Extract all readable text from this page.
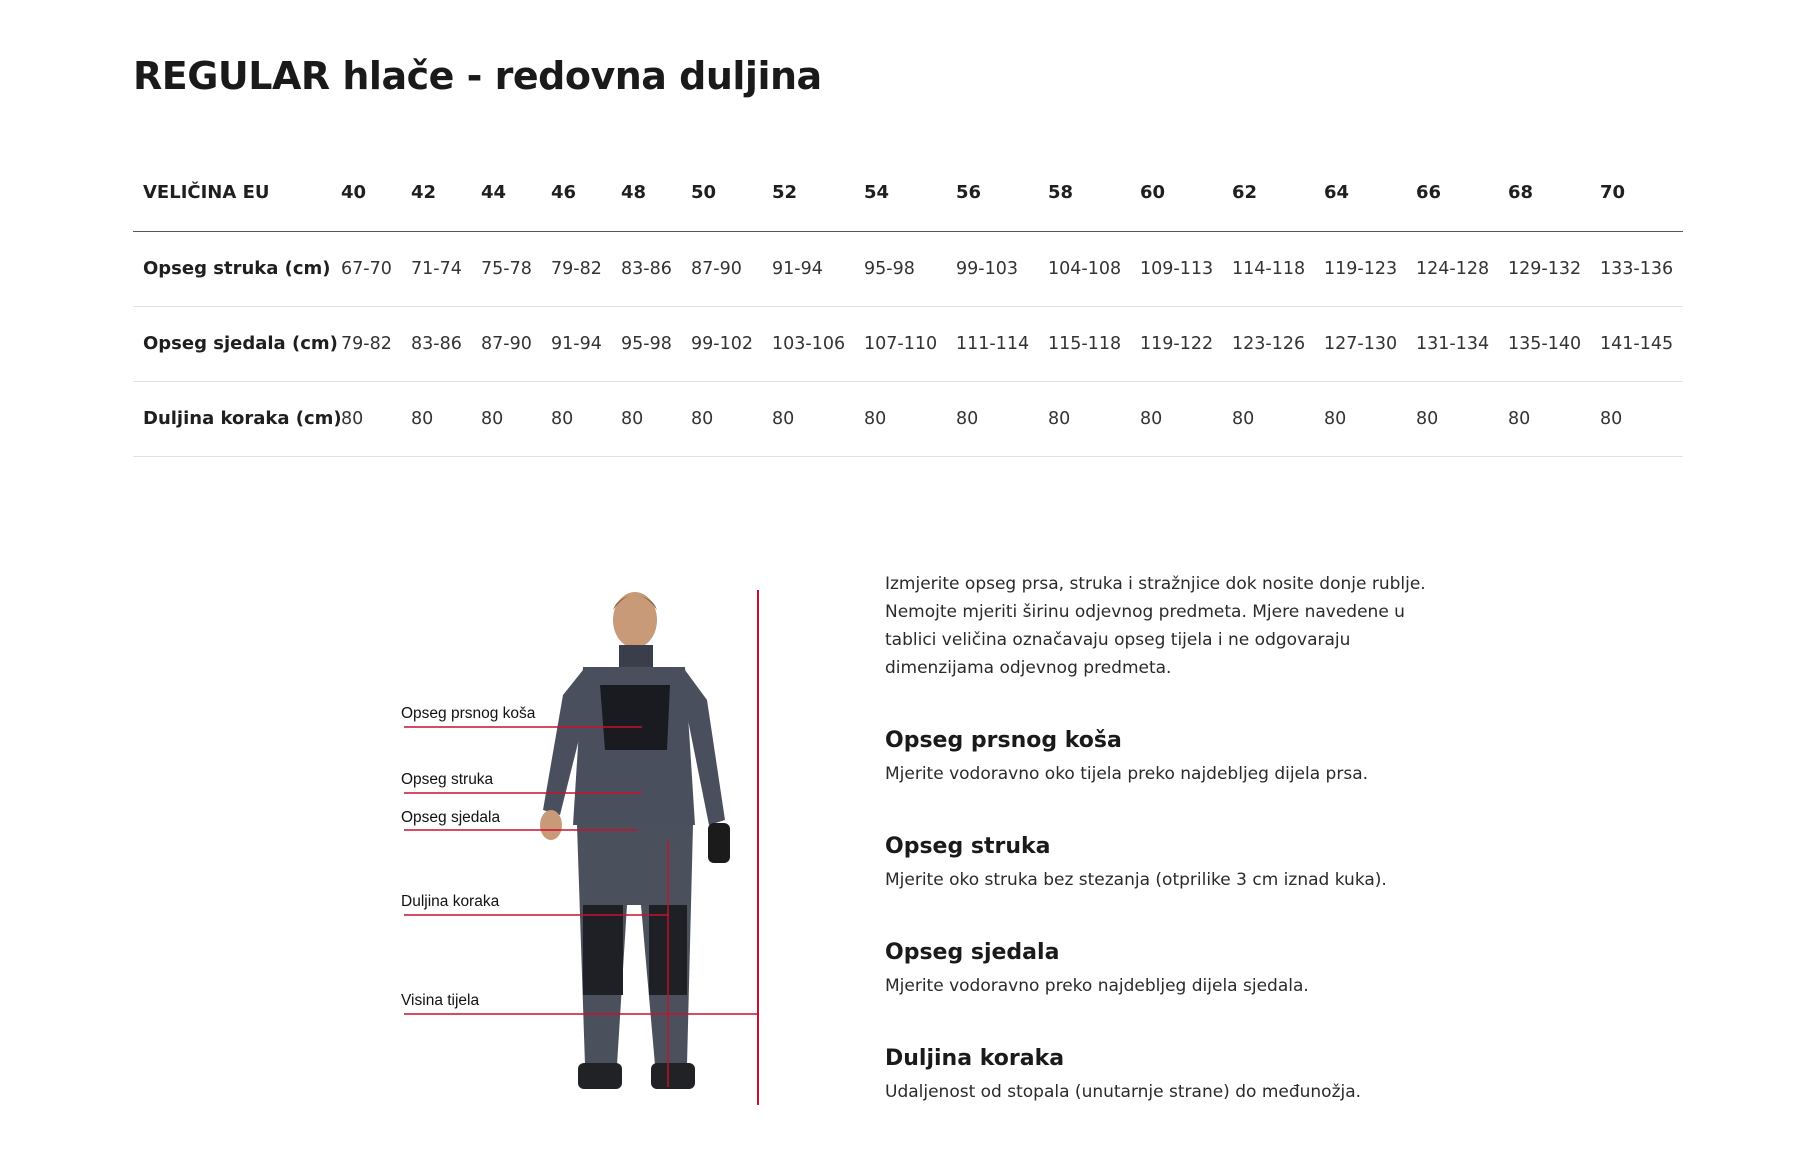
REGULAR hlače - redovna duljina
VELIČINA EU	40	42	44	46	48	50	52	54	56	58	60	62	64	66	68	70
Opseg struka (cm)	67-70	71-74	75-78	79-82	83-86	87-90	91-94	95-98	99-103	104-108	109-113	114-118	119-123	124-128	129-132	133-136
Opseg sjedala (cm)	79-82	83-86	87-90	91-94	95-98	99-102	103-106	107-110	111-114	115-118	119-122	123-126	127-130	131-134	135-140	141-145
Duljina koraka (cm)	80	80	80	80	80	80	80	80	80	80	80	80	80	80	80	80
Opseg prsnog koša
Opseg struka
Opseg sjedala
Duljina koraka
Visina tijela

Izmjerite opseg prsa, struka i stražnjice dok nosite donje rublje. Nemojte mjeriti širinu odjevnog predmeta. Mjere navedene u tablici veličina označavaju opseg tijela i ne odgovaraju dimenzijama odjevnog predmeta.

Opseg prsnog koša

Mjerite vodoravno oko tijela preko najdebljeg dijela prsa.

Opseg struka

Mjerite oko struka bez stezanja (otprilike 3 cm iznad kuka).

Opseg sjedala

Mjerite vodoravno preko najdebljeg dijela sjedala.

Duljina koraka

Udaljenost od stopala (unutarnje strane) do međunožja.
